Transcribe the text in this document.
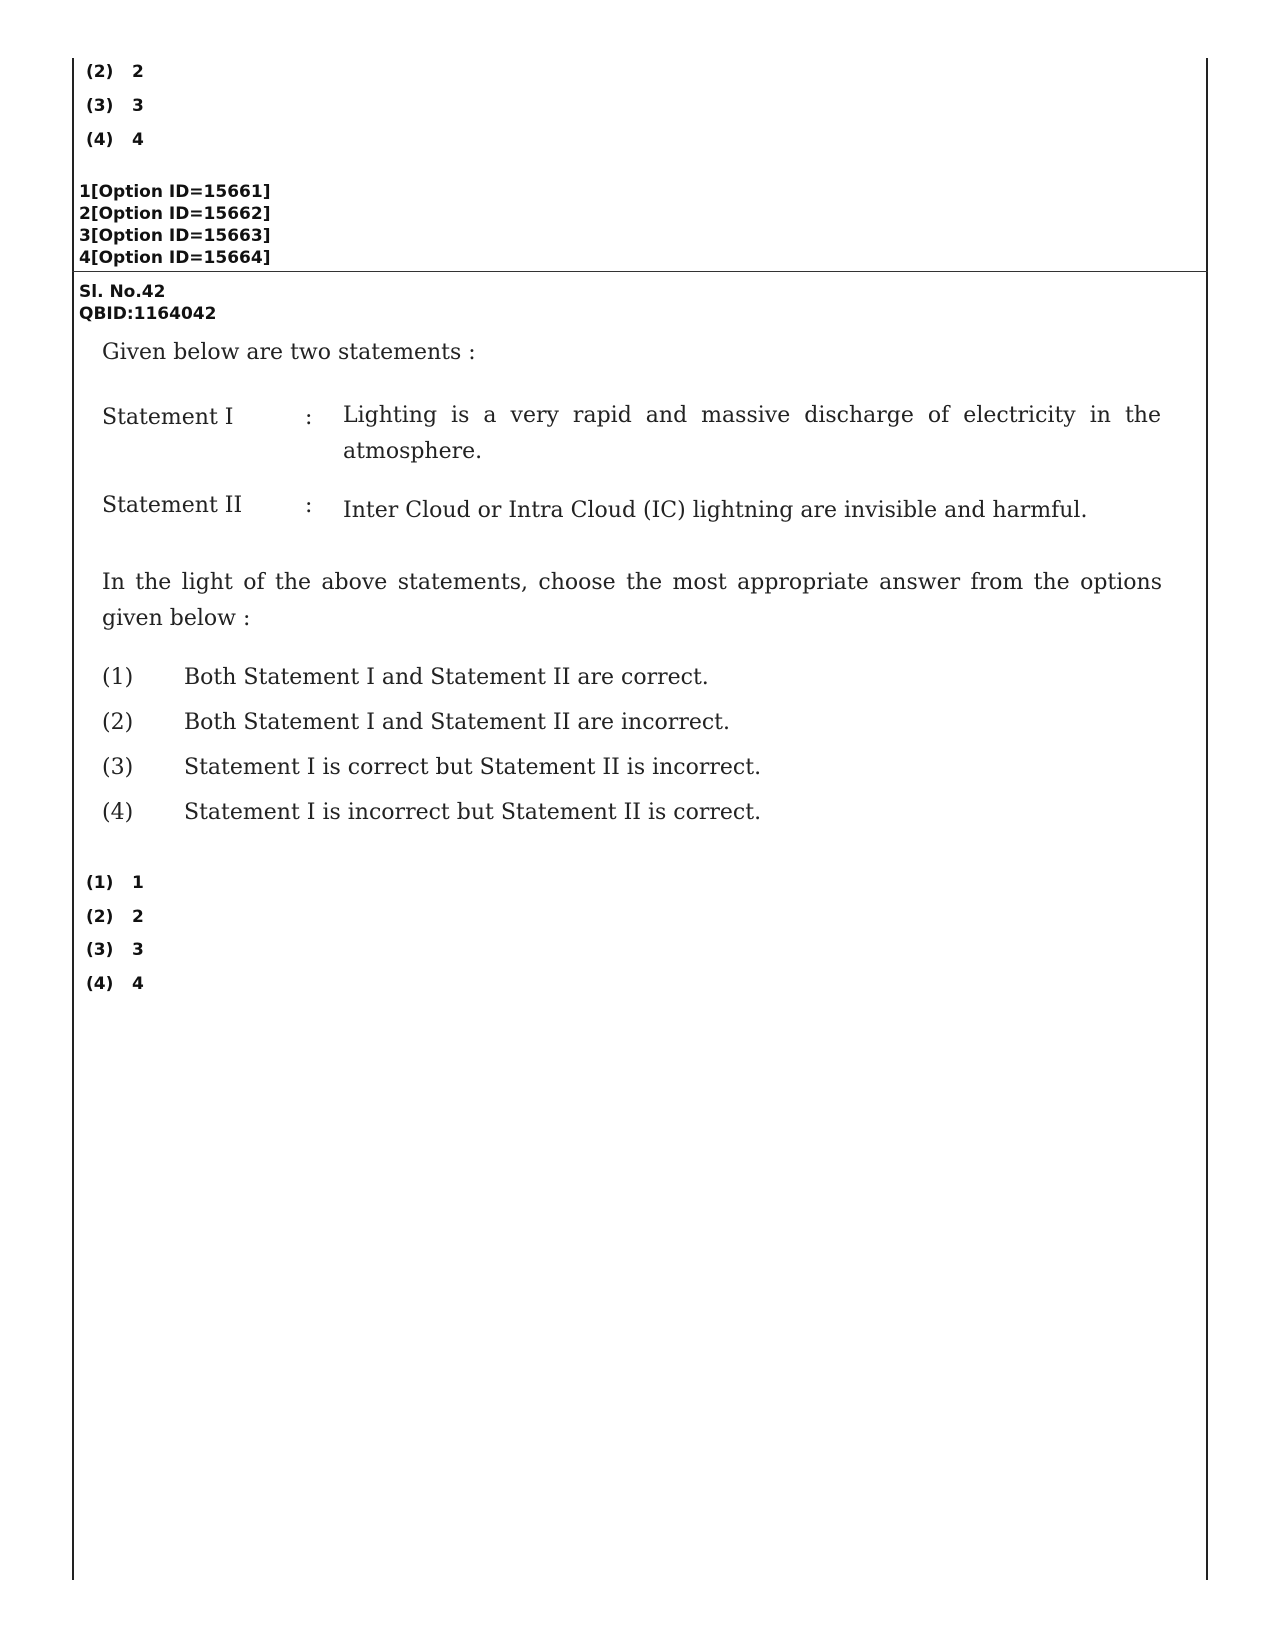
(2) 2
(3) 3
(4) 4
1[Option ID=15661]
2[Option ID=15662]
3[Option ID=15663]
4[Option ID=15664]
Sl. No.42
QBID:1164042
Given below are two statements :
Statement I	: Lighting is a very rapid and massive discharge of electricity in the atmosphere.
Statement II	: Inter Cloud or Intra Cloud (IC) lightning are invisible and harmful.
In the light of the above statements, choose the most appropriate answer from the options given below :
(1) Both Statement I and Statement II are correct.
(2) Both Statement I and Statement II are incorrect.
(3) Statement I is correct but Statement II is incorrect.
(4) Statement I is incorrect but Statement II is correct.
(1) 1
(2) 2
(3) 3
(4) 4
